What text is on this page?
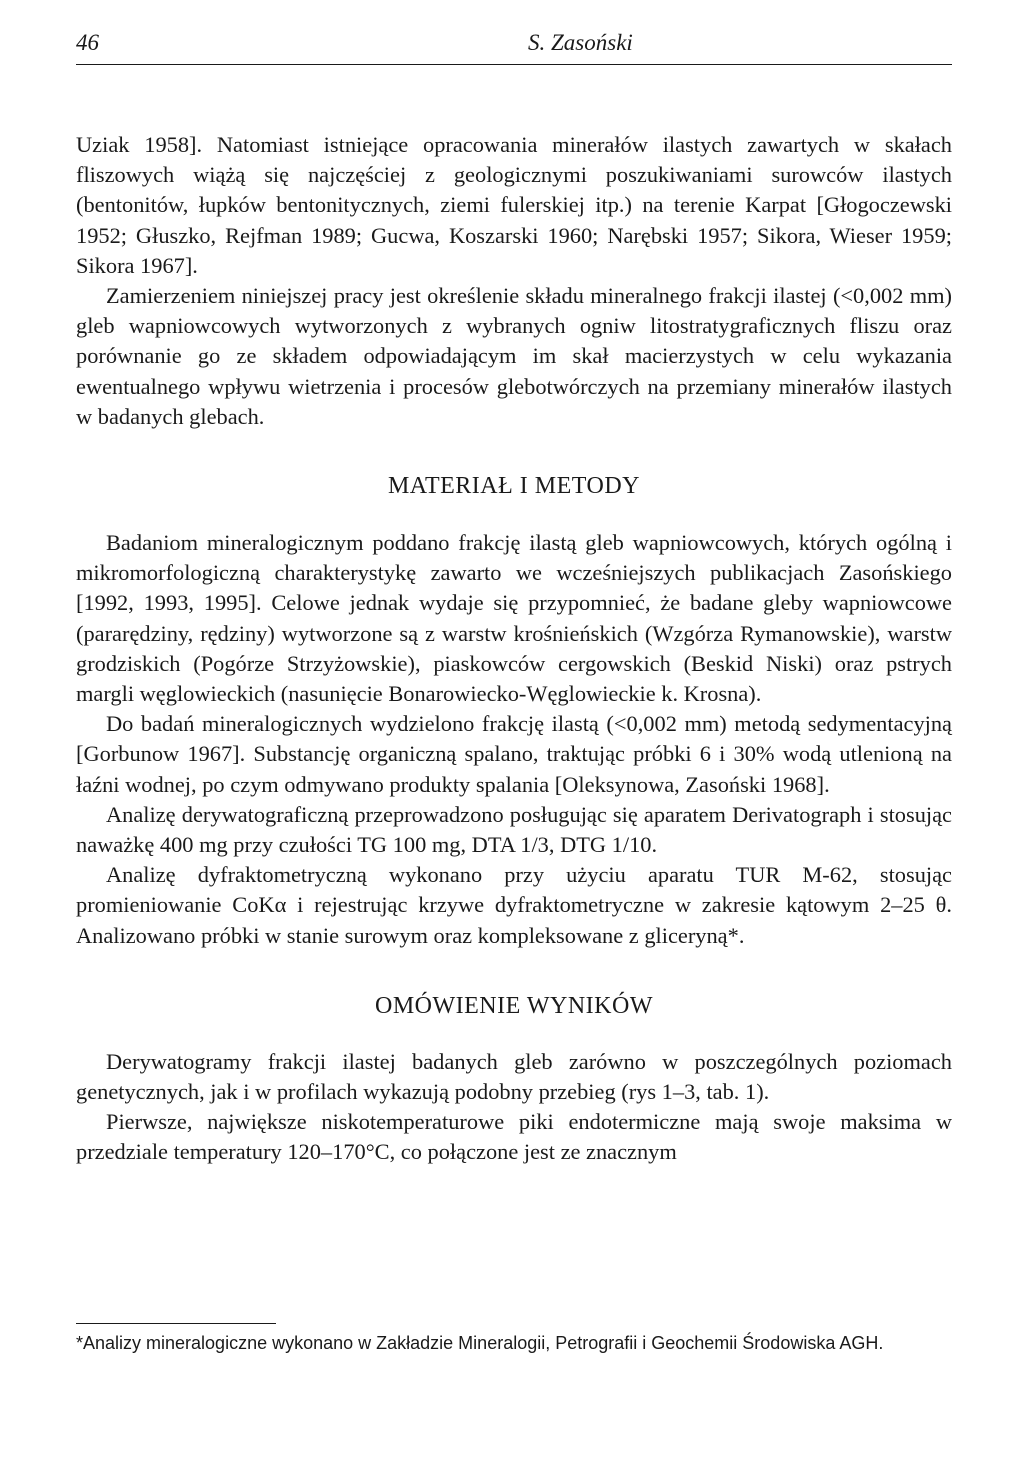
46	S. Zasoński

Uziak 1958]. Natomiast istniejące opracowania minerałów ilastych zawartych w skałach fliszowych wiążą się najczęściej z geologicznymi poszukiwaniami surowców ilastych (bentonitów, łupków bentonitycznych, ziemi fulerskiej itp.) na terenie Karpat [Głogoczewski 1952; Głuszko, Rejfman 1989; Gucwa, Koszarski 1960; Narębski 1957; Sikora, Wieser 1959; Sikora 1967].

Zamierzeniem niniejszej pracy jest określenie składu mineralnego frakcji ilastej (<0,002 mm) gleb wapniowcowych wytworzonych z wybranych ogniw litostratygraficznych fliszu oraz porównanie go ze składem odpowiadającym im skał macierzystych w celu wykazania ewentualnego wpływu wietrzenia i procesów glebotwórczych na przemiany minerałów ilastych w badanych glebach.

MATERIAŁ I METODY

Badaniom mineralogicznym poddano frakcję ilastą gleb wapniowcowych, których ogólną i mikromorfologiczną charakterystykę zawarto we wcześniejszych publikacjach Zasońskiego [1992, 1993, 1995]. Celowe jednak wydaje się przypomnieć, że badane gleby wapniowcowe (pararędziny, rędziny) wytworzone są z warstw krośnieńskich (Wzgórza Rymanowskie), warstw grodziskich (Pogórze Strzyżowskie), piaskowców cergowskich (Beskid Niski) oraz pstrych margli węglowieckich (nasunięcie Bonarowiecko-Węglowieckie k. Krosna).

Do badań mineralogicznych wydzielono frakcję ilastą (<0,002 mm) metodą sedymentacyjną [Gorbunow 1967]. Substancję organiczną spalano, traktując próbki 6 i 30% wodą utlenioną na łaźni wodnej, po czym odmywano produkty spalania [Oleksynowa, Zasoński 1968].

Analizę derywatograficzną przeprowadzono posługując się aparatem Derivatograph i stosując naważkę 400 mg przy czułości TG 100 mg, DTA 1/3, DTG 1/10.

Analizę dyfraktometryczną wykonano przy użyciu aparatu TUR M-62, stosując promieniowanie CoKα i rejestrując krzywe dyfraktometryczne w zakresie kątowym 2–25 θ. Analizowano próbki w stanie surowym oraz kompleksowane z gliceryną*.

OMÓWIENIE WYNIKÓW

Derywatogramy frakcji ilastej badanych gleb zarówno w poszczególnych poziomach genetycznych, jak i w profilach wykazują podobny przebieg (rys 1–3, tab. 1).

Pierwsze, największe niskotemperaturowe piki endotermiczne mają swoje maksima w przedziale temperatury 120–170°C, co połączone jest ze znacznym

*Analizy mineralogiczne wykonano w Zakładzie Mineralogii, Petrografii i Geochemii Środowiska AGH.
